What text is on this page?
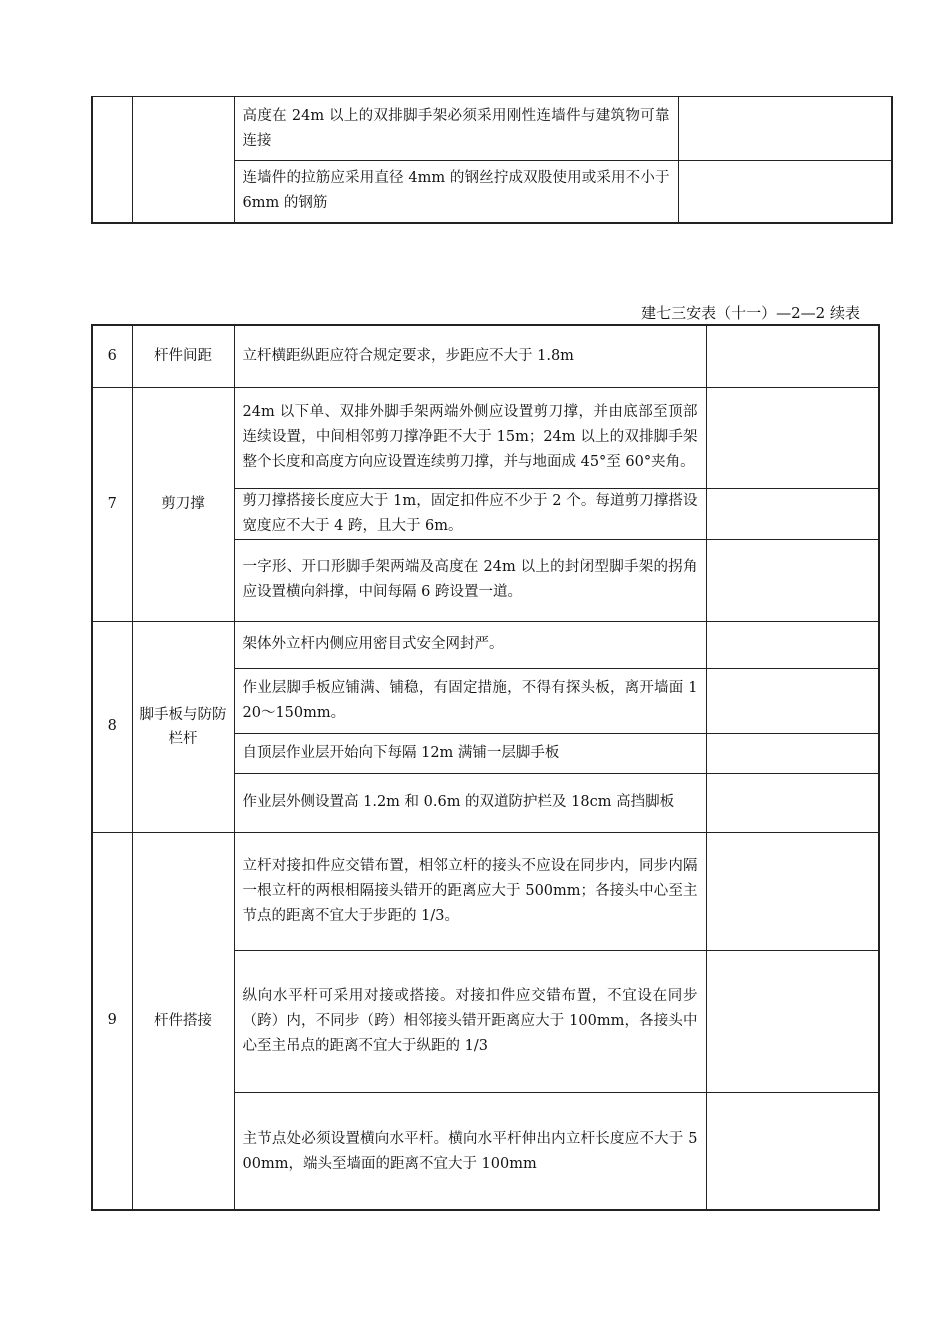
		高度在 24m 以上的双排脚手架必须采用刚性连墙件与建筑物可靠连接	
		连墙件的拉筋应采用直径 4mm 的钢丝拧成双股使用或采用不小于 6mm 的钢筋	
建七三安表（十一）—2—2 续表
6	杆件间距	立杆横距纵距应符合规定要求，步距应不大于 1.8m	
7	剪刀撑	24m 以下单、双排外脚手架两端外侧应设置剪刀撑，并由底部至顶部连续设置，中间相邻剪刀撑净距不大于 15m；24m 以上的双排脚手架整个长度和高度方向应设置连续剪刀撑，并与地面成 45°至 60°夹角。	
		剪刀撑搭接长度应大于 1m，固定扣件应不少于 2 个。每道剪刀撑搭设宽度应不大于 4 跨，且大于 6m。	
		一字形、开口形脚手架两端及高度在 24m 以上的封闭型脚手架的拐角应设置横向斜撑，中间每隔 6 跨设置一道。	
8	脚手板与防防栏杆	架体外立杆内侧应用密目式安全网封严。	
		作业层脚手板应铺满、铺稳，有固定措施，不得有探头板，离开墙面 120～150mm。	
		自顶层作业层开始向下每隔 12m 满铺一层脚手板	
		作业层外侧设置高 1.2m 和 0.6m 的双道防护栏及 18cm 高挡脚板	
9	杆件搭接	立杆对接扣件应交错布置，相邻立杆的接头不应设在同步内，同步内隔一根立杆的两根相隔接头错开的距离应大于 500mm；各接头中心至主节点的距离不宜大于步距的 1/3。	
		纵向水平杆可采用对接或搭接。对接扣件应交错布置，不宜设在同步（跨）内，不同步（跨）相邻接头错开距离应大于 100mm，各接头中心至主吊点的距离不宜大于纵距的 1/3	
		主节点处必须设置横向水平杆。横向水平杆伸出内立杆长度应不大于 500mm，端头至墙面的距离不宜大于 100mm	
